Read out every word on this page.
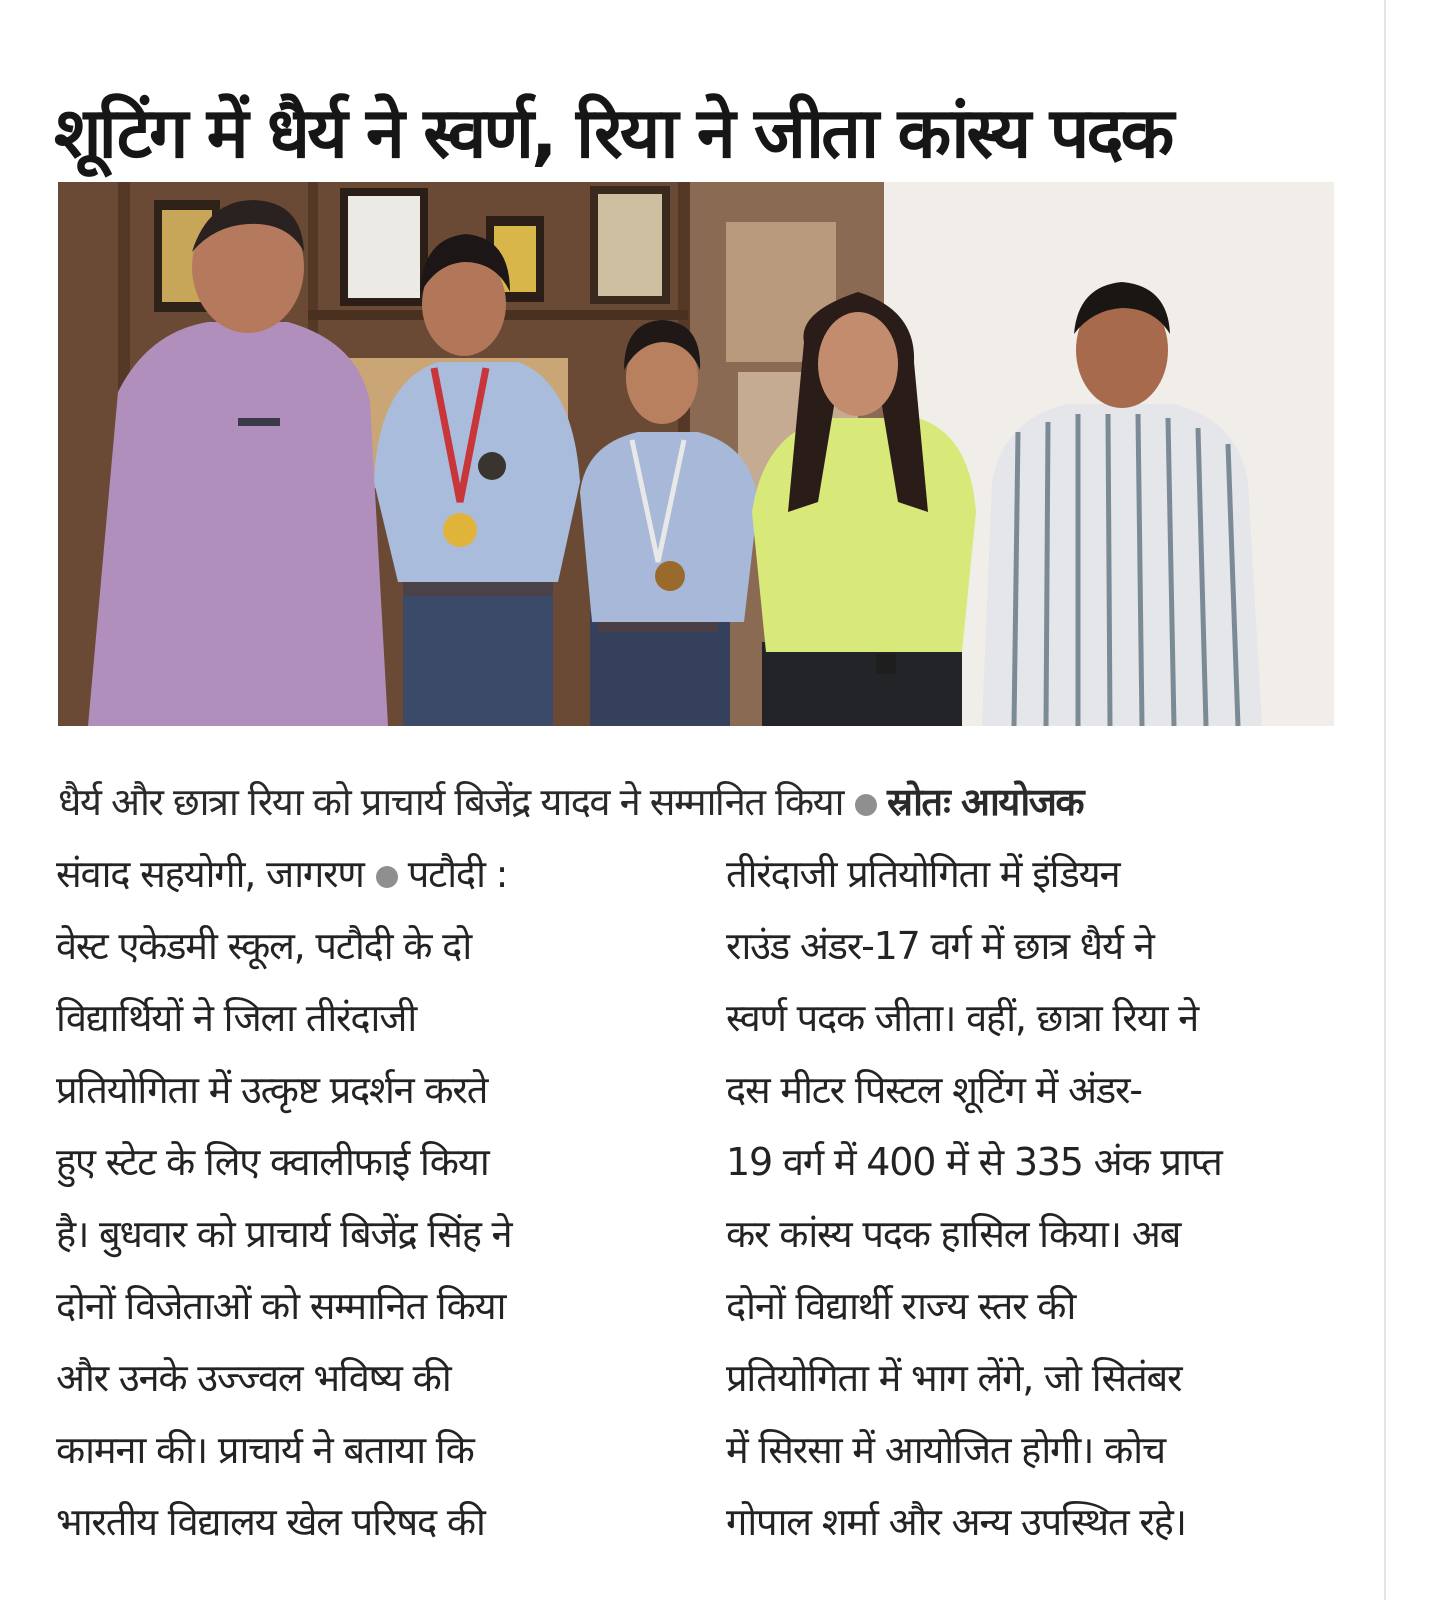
शूटिंग में धैर्य ने स्वर्ण, रिया ने जीता कांस्य पदक

धैर्य और छात्रा रिया को प्राचार्य बिजेंद्र यादव ने सम्मानित किया स्रोतः आयोजक

संवाद सहयोगी, जागरण पटौदी :
वेस्ट एकेडमी स्कूल, पटौदी के दो
विद्यार्थियों ने जिला तीरंदाजी
प्रतियोगिता में उत्कृष्ट प्रदर्शन करते
हुए स्टेट के लिए क्वालीफाई किया
है। बुधवार को प्राचार्य बिजेंद्र सिंह ने
दोनों विजेताओं को सम्मानित किया
और उनके उज्ज्वल भविष्य की
कामना की। प्राचार्य ने बताया कि
भारतीय विद्यालय खेल परिषद की
तीरंदाजी प्रतियोगिता में इंडियन
राउंड अंडर-17 वर्ग में छात्र धैर्य ने
स्वर्ण पदक जीता। वहीं, छात्रा रिया ने
दस मीटर पिस्टल शूटिंग में अंडर-
19 वर्ग में 400 में से 335 अंक प्राप्त
कर कांस्य पदक हासिल किया। अब
दोनों विद्यार्थी राज्य स्तर की
प्रतियोगिता में भाग लेंगे, जो सितंबर
में सिरसा में आयोजित होगी। कोच
गोपाल शर्मा और अन्य उपस्थित रहे।
